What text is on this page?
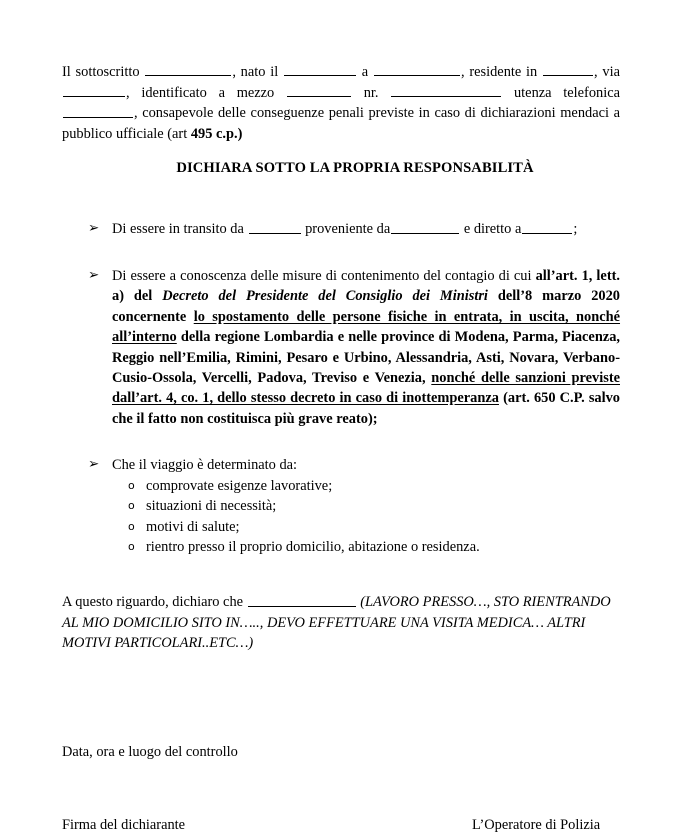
Il sottoscritto	, nato il	a	, residente in	, via, identificato a mezzo	nr.	utenza telefonica , consapevole delle conseguenze penali previste in caso di dichiarazioni mendaci a pubblico ufficiale (art 495 c.p.)

DICHIARA SOTTO LA PROPRIA RESPONSABILITÀ

➢ Di essere in transito da	proveniente da	e diretto a	;
➢ Di essere a conoscenza delle misure di contenimento del contagio di cui all’art. 1, lett. a) del Decreto del Presidente del Consiglio dei Ministri dell’8 marzo 2020 concernente lo spostamento delle persone fisiche in entrata, in uscita, nonché all’interno della regione Lombardia e nelle province di Modena, Parma, Piacenza, Reggio nell’Emilia, Rimini, Pesaro e Urbino, Alessandria, Asti, Novara, Verbano-Cusio-Ossola, Vercelli, Padova, Treviso e Venezia, nonché delle sanzioni previste dall’art. 4, co. 1, dello stesso decreto in caso di inottemperanza (art. 650 C.P. salvo che il fatto non costituisca più grave reato);
➢ Che il viaggio è determinato da:
o comprovate esigenze lavorative;
o situazioni di necessità;
o motivi di salute;
o rientro presso il proprio domicilio, abitazione o residenza.

A questo riguardo, dichiaro che	(LAVORO PRESSO…, STO RIENTRANDO AL MIO DOMICILIO SITO IN….., DEVO EFFETTUARE UNA VISITA MEDICA… ALTRI MOTIVI PARTICOLARI..ETC…)

Data, ora e luogo del controllo
Firma del dichiarante	L’Operatore di Polizia
